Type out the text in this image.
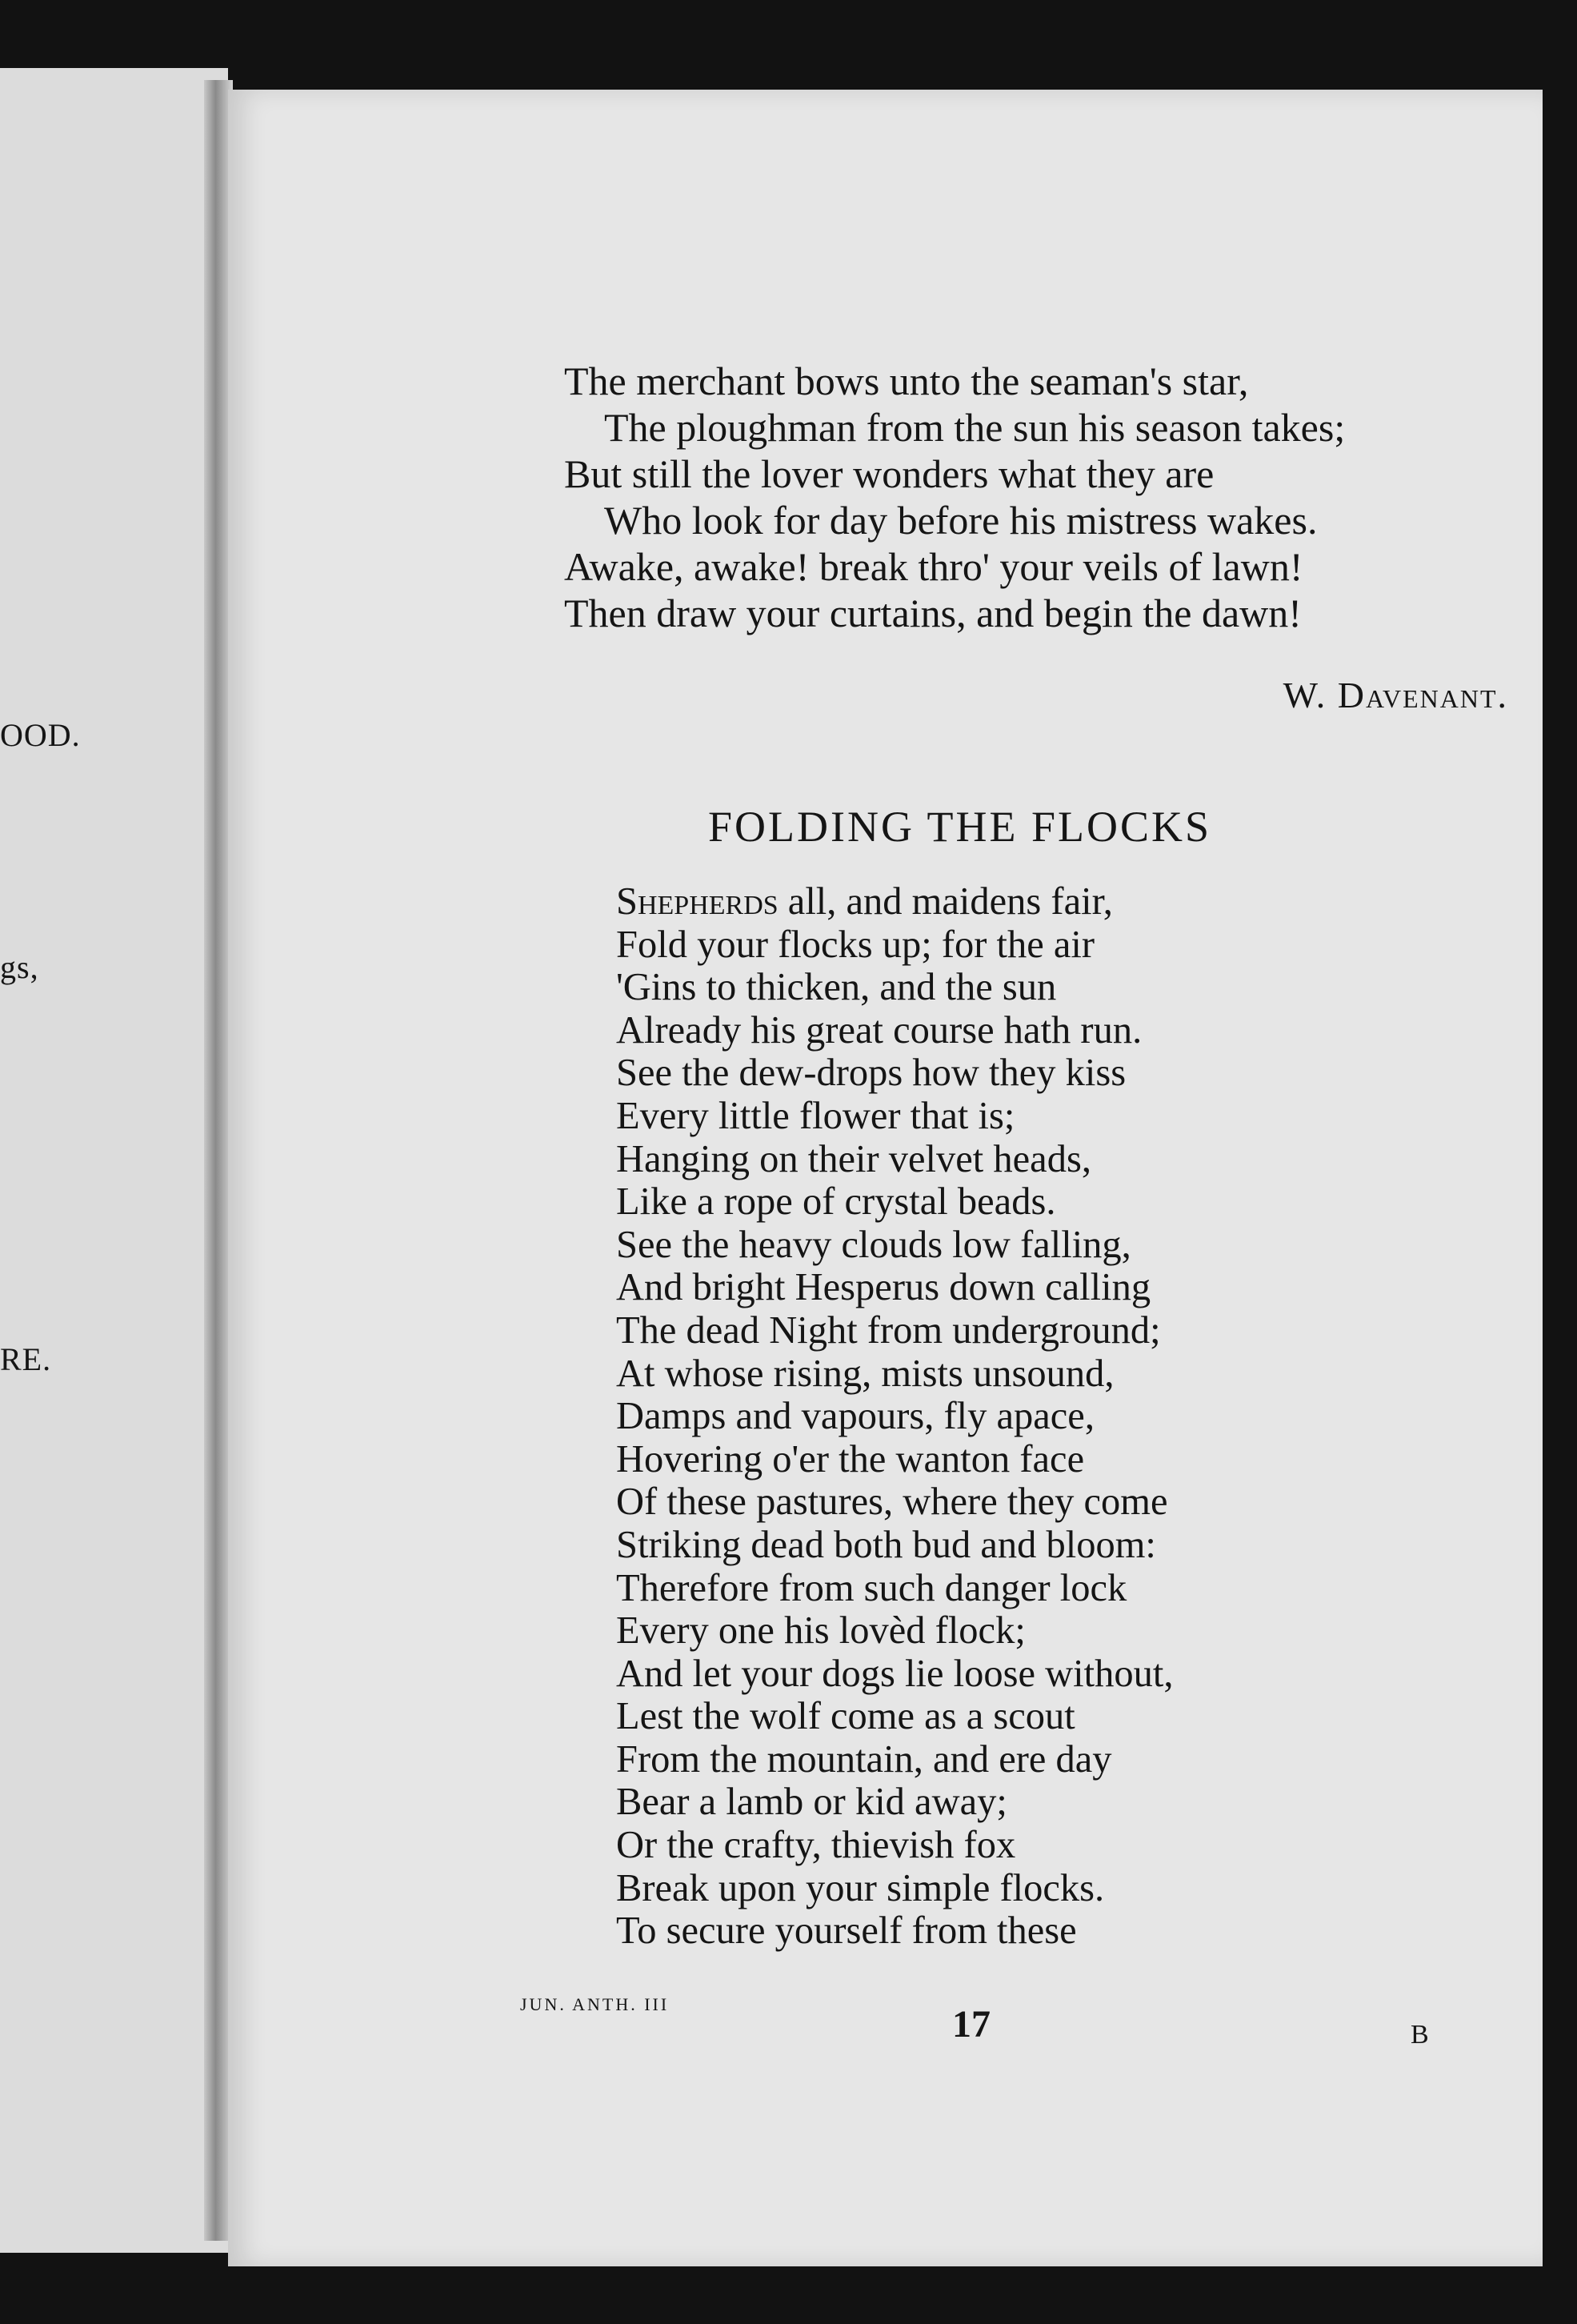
OOD.
gs,
RE.
The merchant bows unto the seaman's star,
The ploughman from the sun his season takes;
But still the lover wonders what they are
Who look for day before his mistress wakes.
Awake, awake! break thro' your veils of lawn!
Then draw your curtains, and begin the dawn!
W. Davenant.
FOLDING THE FLOCKS
Shepherds all, and maidens fair,
Fold your flocks up; for the air
'Gins to thicken, and the sun
Already his great course hath run.
See the dew-drops how they kiss
Every little flower that is;
Hanging on their velvet heads,
Like a rope of crystal beads.
See the heavy clouds low falling,
And bright Hesperus down calling
The dead Night from underground;
At whose rising, mists unsound,
Damps and vapours, fly apace,
Hovering o'er the wanton face
Of these pastures, where they come
Striking dead both bud and bloom:
Therefore from such danger lock
Every one his lovèd flock;
And let your dogs lie loose without,
Lest the wolf come as a scout
From the mountain, and ere day
Bear a lamb or kid away;
Or the crafty, thievish fox
Break upon your simple flocks.
To secure yourself from these
JUN. ANTH. III	17	B
